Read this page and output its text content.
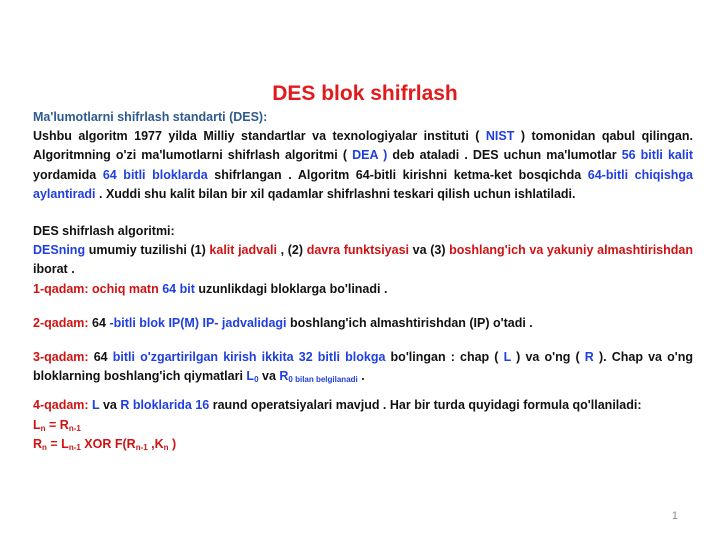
DES blok shifrlash

Ma'lumotlarni shifrlash standarti (DES):

Ushbu algoritm 1977 yilda Milliy standartlar va texnologiyalar instituti ( NIST ) tomonidan qabul qilingan. Algoritmning o'zi ma'lumotlarni shifrlash algoritmi ( DEA ) deb ataladi . DES uchun ma'lumotlar 56 bitli kalit yordamida 64 bitli bloklarda shifrlangan . Algoritm 64-bitli kirishni ketma-ket bosqichda 64-bitli chiqishga aylantiradi . Xuddi shu kalit bilan bir xil qadamlar shifrlashni teskari qilish uchun ishlatiladi.

DES shifrlash algoritmi:

DESning umumiy tuzilishi (1) kalit jadvali , (2) davra funktsiyasi va (3) boshlang'ich va yakuniy almashtirishdan iborat .

1-qadam: ochiq matn 64 bit uzunlikdagi bloklarga bo'linadi .

2-qadam: 64 -bitli blok IP(M) IP- jadvalidagi boshlang'ich almashtirishdan (IP) o'tadi .

3-qadam: 64 bitli o'zgartirilgan kirish ikkita 32 bitli blokga bo'lingan : chap ( L ) va o'ng ( R ). Chap va o'ng bloklarning boshlang'ich qiymatlari $L_0$ va $R_{0 bilan belgilanadi}$ .

4-qadam: L va R bloklarida 16 raund operatsiyalari mavjud . Har bir turda quyidagi formula qo'llaniladi:

$L_n = R_{n-1}$

$R_n = L_{n-1}$ XOR $F(R_{n-1}$ $,K_n$ )

1
